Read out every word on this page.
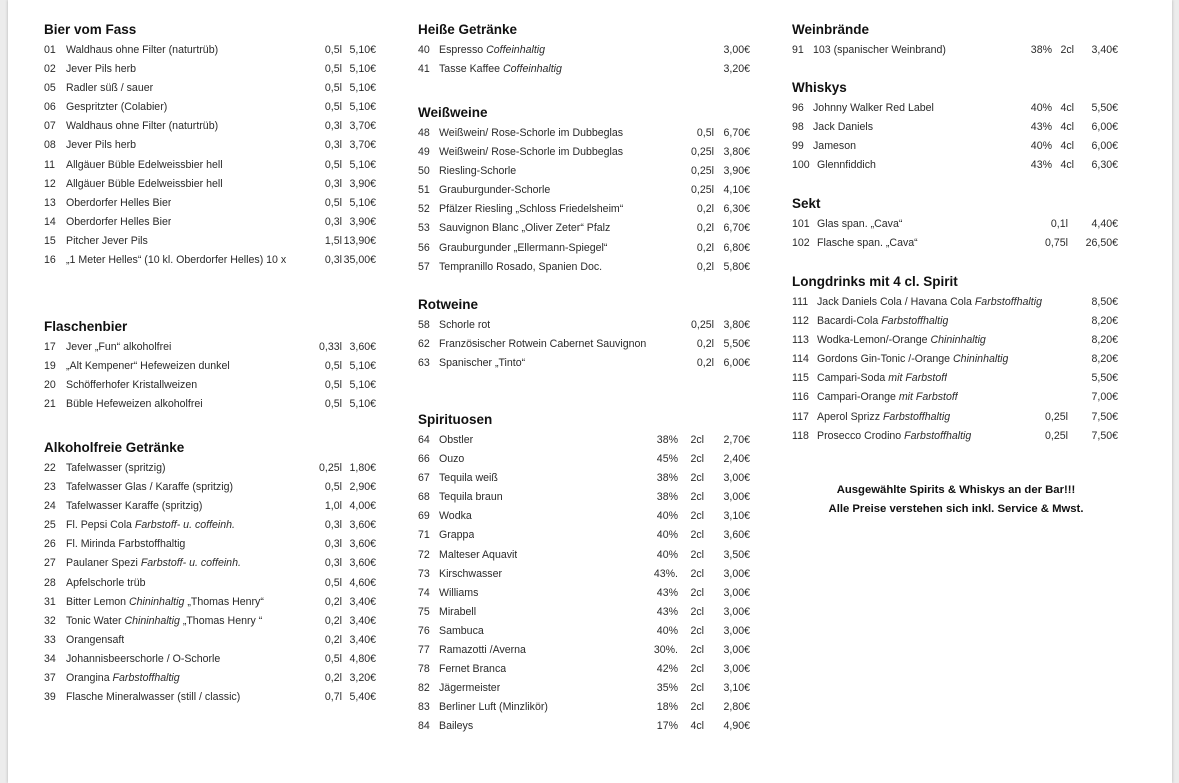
Bier vom Fass
01 Waldhaus ohne Filter (naturtrüb)	0,5l 5,10€
02 Jever Pils herb	0,5l 5,10€
05 Radler süß / sauer	0,5l 5,10€
06 Gespritzter (Colabier)	0,5l 5,10€
07 Waldhaus ohne Filter (naturtrüb)	0,3l 3,70€
08 Jever Pils herb	0,3l 3,70€
11 Allgäuer Büble Edelweissbier hell	0,5l 5,10€
12 Allgäuer Büble Edelweissbier hell	0,3l 3,90€
13 Oberdorfer Helles Bier	0,5l 5,10€
14 Oberdorfer Helles Bier	0,3l 3,90€
15 Pitcher Jever Pils	1,5l 13,90€
16 „1 Meter Helles“ (10 kl. Oberdorfer Helles) 10 x	0,3l 35,00€
Flaschenbier
17 Jever „Fun“ alkoholfrei	0,33l 3,60€
19 „Alt Kempener“ Hefeweizen dunkel	0,5l 5,10€
20 Schöfferhofer Kristallweizen	0,5l 5,10€
21 Büble Hefeweizen alkoholfrei	0,5l 5,10€
Alkoholfreie Getränke
22 Tafelwasser (spritzig)	0,25l 1,80€
23 Tafelwasser Glas / Karaffe (spritzig)	0,5l 2,90€
24 Tafelwasser Karaffe (spritzig)	1,0l 4,00€
25 Fl. Pepsi Cola Farbstoff- u. coffeinh.	0,3l 3,60€
26 Fl. Mirinda Farbstoffhaltig	0,3l 3,60€
27 Paulaner Spezi Farbstoff- u. coffeinh.	0,3l 3,60€
28 Apfelschorle trüb	0,5l 4,60€
31 Bitter Lemon Chininhaltig „Thomas Henry“	0,2l 3,40€
32 Tonic Water Chininhaltig „Thomas Henry “	0,2l 3,40€
33 Orangensaft	0,2l 3,40€
34 Johannisbeerschorle / O-Schorle	0,5l 4,80€
37 Orangina Farbstoffhaltig	0,2l 3,20€
39 Flasche Mineralwasser (still / classic)	0,7l 5,40€
Heiße Getränke
40 Espresso Coffeinhaltig	3,00€
41 Tasse Kaffee Coffeinhaltig	3,20€
Weißweine
48 Weißwein/ Rose-Schorle im Dubbeglas	0,5l 6,70€
49 Weißwein/ Rose-Schorle im Dubbeglas	0,25l 3,80€
50 Riesling-Schorle	0,25l 3,90€
51 Grauburgunder-Schorle	0,25l 4,10€
52 Pfälzer Riesling „Schloss Friedelsheim“	0,2l 6,30€
53 Sauvignon Blanc „Oliver Zeter“ Pfalz	0,2l 6,70€
56 Grauburgunder „Ellermann-Spiegel“	0,2l 6,80€
57 Tempranillo Rosado, Spanien Doc.	0,2l 5,80€
Rotweine
58 Schorle rot	0,25l 3,80€
62 Französischer Rotwein Cabernet Sauvignon	0,2l 5,50€
63 Spanischer „Tinto“	0,2l 6,00€
Spirituosen
64 Obstler	38%	2cl	2,70€
66 Ouzo	45%	2cl	2,40€
67 Tequila weiß	38%	2cl	3,00€
68 Tequila braun	38%	2cl	3,00€
69 Wodka	40%	2cl	3,10€
71 Grappa	40%	2cl	3,60€
72 Malteser Aquavit	40%	2cl	3,50€
73 Kirschwasser	43%.	2cl	3,00€
74 Williams	43%	2cl	3,00€
75 Mirabell	43%	2cl	3,00€
76 Sambuca	40%	2cl	3,00€
77 Ramazotti /Averna	30%.	2cl	3,00€
78 Fernet Branca	42%	2cl	3,00€
82 Jägermeister	35%	2cl	3,10€
83 Berliner Luft (Minzlikör)	18%	2cl	2,80€
84 Baileys	17%	4cl	4,90€
Weinbrände
91 103 (spanischer Weinbrand)	38% 2cl	3,40€
Whiskys
96 Johnny Walker Red Label	40% 4cl	5,50€
98 Jack Daniels	43% 4cl	6,00€
99 Jameson	40% 4cl	6,00€
100 Glennfiddich	43% 4cl	6,30€
Sekt
101 Glas span. „Cava“	0,1l	4,40€
102 Flasche span. „Cava“	0,75l	26,50€
Longdrinks mit 4 cl. Spirit
111 Jack Daniels Cola / Havana Cola Farbstoffhaltig	8,50€
112 Bacardi-Cola Farbstoffhaltig	8,20€
113 Wodka-Lemon/-Orange Chininhaltig	8,20€
114 Gordons Gin-Tonic /-Orange Chininhaltig	8,20€
115 Campari-Soda mit Farbstoff	5,50€
116 Campari-Orange mit Farbstoff	7,00€
117 Aperol Sprizz Farbstoffhaltig	0,25l	7,50€
118 Prosecco Crodino Farbstoffhaltig	0,25l	7,50€
Ausgewählte Spirits & Whiskys an der Bar!!!
Alle Preise verstehen sich inkl. Service & Mwst.
